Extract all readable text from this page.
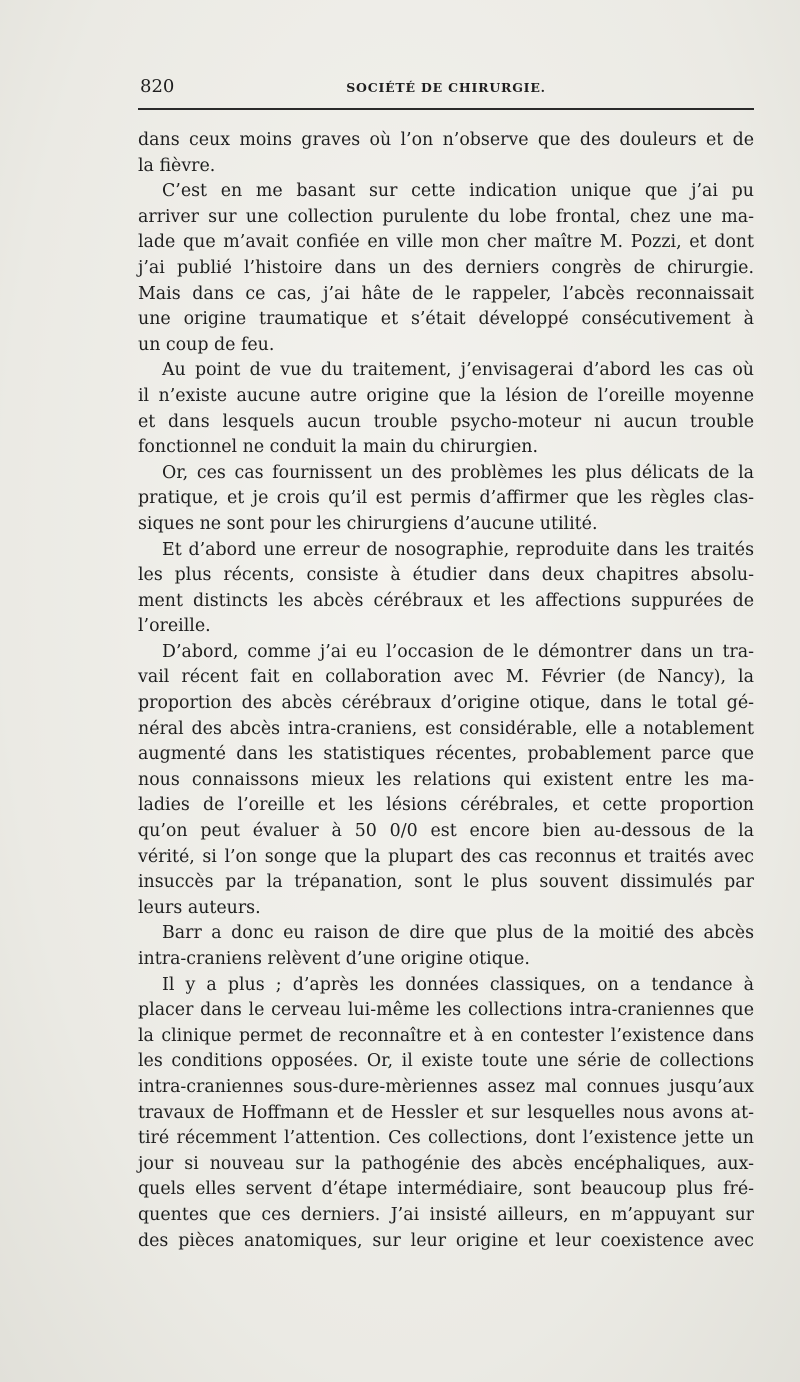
820	SOCIÉTÉ DE CHIRURGIE.
dans ceux moins graves où l’on n’observe que des douleurs et de
la fièvre.
C’est en me basant sur cette indication unique que j’ai pu
arriver sur une collection purulente du lobe frontal, chez une ma-
lade que m’avait confiée en ville mon cher maître M. Pozzi, et dont
j’ai publié l’histoire dans un des derniers congrès de chirurgie.
Mais dans ce cas, j’ai hâte de le rappeler, l’abcès reconnaissait
une origine traumatique et s’était développé consécutivement à
un coup de feu.
Au point de vue du traitement, j’envisagerai d’abord les cas où
il n’existe aucune autre origine que la lésion de l’oreille moyenne
et dans lesquels aucun trouble psycho-moteur ni aucun trouble
fonctionnel ne conduit la main du chirurgien.
Or, ces cas fournissent un des problèmes les plus délicats de la
pratique, et je crois qu’il est permis d’affirmer que les règles clas-
siques ne sont pour les chirurgiens d’aucune utilité.
Et d’abord une erreur de nosographie, reproduite dans les traités
les plus récents, consiste à étudier dans deux chapitres absolu-
ment distincts les abcès cérébraux et les affections suppurées de
l’oreille.
D’abord, comme j’ai eu l’occasion de le démontrer dans un tra-
vail récent fait en collaboration avec M. Février (de Nancy), la
proportion des abcès cérébraux d’origine otique, dans le total gé-
néral des abcès intra-craniens, est considérable, elle a notablement
augmenté dans les statistiques récentes, probablement parce que
nous connaissons mieux les relations qui existent entre les ma-
ladies de l’oreille et les lésions cérébrales, et cette proportion
qu’on peut évaluer à 50 0/0 est encore bien au-dessous de la
vérité, si l’on songe que la plupart des cas reconnus et traités avec
insuccès par la trépanation, sont le plus souvent dissimulés par
leurs auteurs.
Barr a donc eu raison de dire que plus de la moitié des abcès
intra-craniens relèvent d’une origine otique.
Il y a plus ; d’après les données classiques, on a tendance à
placer dans le cerveau lui-même les collections intra-craniennes que
la clinique permet de reconnaître et à en contester l’existence dans
les conditions opposées. Or, il existe toute une série de collections
intra-craniennes sous-dure-mèriennes assez mal connues jusqu’aux
travaux de Hoffmann et de Hessler et sur lesquelles nous avons at-
tiré récemment l’attention. Ces collections, dont l’existence jette un
jour si nouveau sur la pathogénie des abcès encéphaliques, aux-
quels elles servent d’étape intermédiaire, sont beaucoup plus fré-
quentes que ces derniers. J’ai insisté ailleurs, en m’appuyant sur
des pièces anatomiques, sur leur origine et leur coexistence avec
